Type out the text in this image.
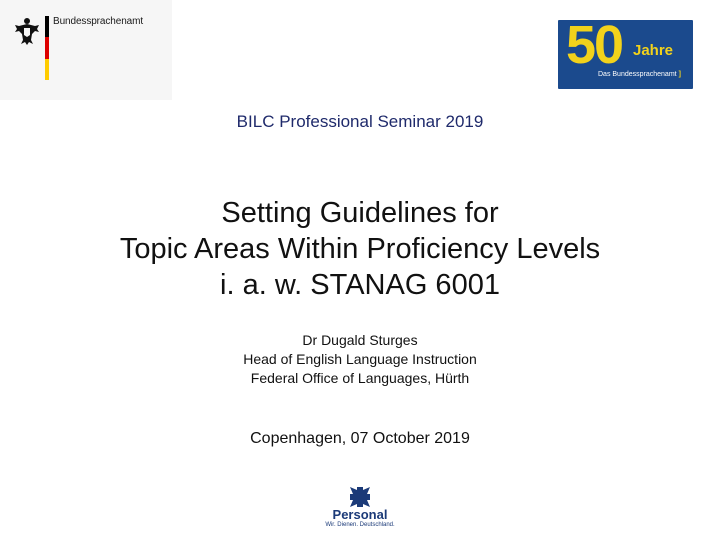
Bundessprachenamt	50 Jahre
Das Bundessprachenamt ]
BILC Professional Seminar 2019
Setting Guidelines for
Topic Areas Within Proficiency Levels
i. a. w. STANAG 6001
Dr Dugald Sturges
Head of English Language Instruction
Federal Office of Languages, Hürth
Copenhagen, 07 October 2019
Personal
Wir. Dienen. Deutschland.
